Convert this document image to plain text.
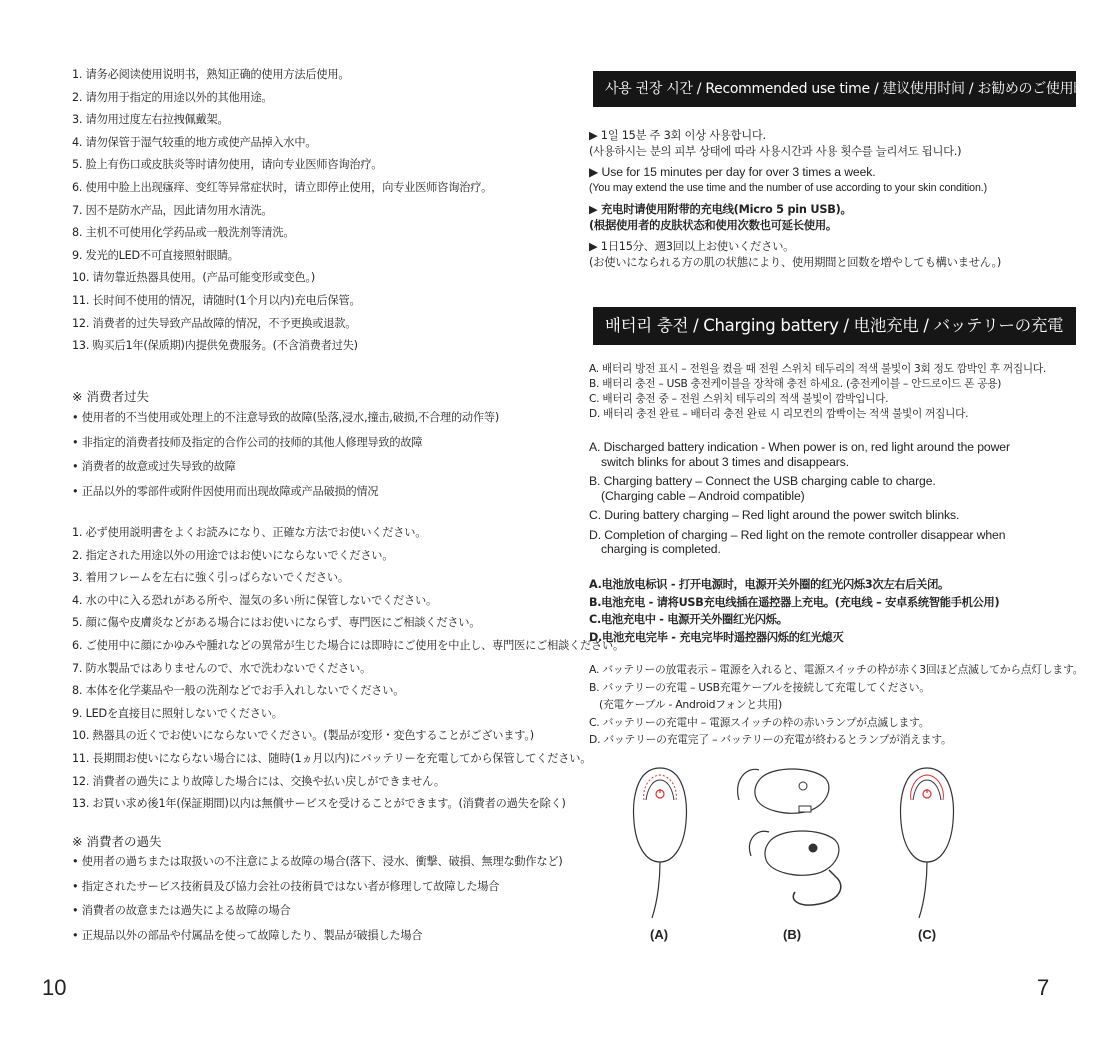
1. 请务必阅读使用说明书，熟知正确的使用方法后使用。
2. 请勿用于指定的用途以外的其他用途。
3. 请勿用过度左右拉拽佩戴架。
4. 请勿保管于湿气较重的地方或使产品掉入水中。
5. 脸上有伤口或皮肤炎等时请勿使用，请向专业医师咨询治疗。
6. 使用中脸上出现瘙痒、变红等异常症状时，请立即停止使用，向专业医师咨询治疗。
7. 因不是防水产品，因此请勿用水清洗。
8. 主机不可使用化学药品或一般洗剂等清洗。
9. 发光的LED不可直接照射眼睛。
10. 请勿靠近热器具使用。(产品可能变形或变色。)
11. 长时间不使用的情况，请随时(1个月以内)充电后保管。
12. 消费者的过失导致产品故障的情况，不予更换或退款。
13. 购买后1年(保质期)内提供免费服务。(不含消费者过失)
※ 消费者过失
• 使用者的不当使用或处理上的不注意导致的故障(坠落,浸水,撞击,破损,不合理的动作等)
• 非指定的消费者技师及指定的合作公司的技师的其他人修理导致的故障
• 消费者的故意或过失导致的故障
• 正品以外的零部件或附件因使用而出现故障或产品破损的情况
1. 必ず使用説明書をよくお読みになり、正確な方法でお使いください。
2. 指定された用途以外の用途ではお使いにならないでください。
3. 着用フレームを左右に強く引っぱらないでください。
4. 水の中に入る恐れがある所や、湿気の多い所に保管しないでください。
5. 顔に傷や皮膚炎などがある場合にはお使いにならず、専門医にご相談ください。
6. ご使用中に顔にかゆみや腫れなどの異常が生じた場合には即時にご使用を中止し、専門医にご相談ください。
7. 防水製品ではありませんので、水で洗わないでください。
8. 本体を化学薬品や一般の洗剤などでお手入れしないでください。
9. LEDを直接目に照射しないでください。
10. 熱器具の近くでお使いにならないでください。(製品が変形・変色することがございます。)
11. 長期間お使いにならない場合には、随時(1ヵ月以内)にバッテリーを充電してから保管してください。
12. 消費者の過失により故障した場合には、交換や払い戻しができません。
13. お買い求め後1年(保証期間)以内は無償サービスを受けることができます。(消費者の過失を除く)
※ 消費者の過失
• 使用者の過ちまたは取扱いの不注意による故障の場合(落下、浸水、衝撃、破損、無理な動作など)
• 指定されたサービス技術員及び協力会社の技術員ではない者が修理して故障した場合
• 消費者の故意または過失による故障の場合
• 正規品以外の部品や付属品を使って故障したり、製品が破損した場合
10
사용 권장 시간 / Recommended use time / 建议使用时间 / お勧めのご使用時間
▶ 1일 15분 주 3회 이상 사용합니다.
(사용하시는 분의 피부 상태에 따라 사용시간과 사용 횟수를 늘리셔도 됩니다.)
▶ Use for 15 minutes per day for over 3 times a week.
(You may extend the use time and the number of use according to your skin condition.)
▶ 充电时请使用附带的充电线(Micro 5 pin USB)。
(根据使用者的皮肤状态和使用次数也可延长使用。
▶ 1日15分、週3回以上お使いください。
(お使いになられる方の肌の状態により、使用期間と回数を増やしても構いません。)
배터리 충전 / Charging battery / 电池充电 / バッテリーの充電
A. 배터리 방전 표시 – 전원을 켰을 때 전원 스위치 테두리의 적색 불빛이 3회 정도 깜박인 후 꺼집니다.
B. 배터리 충전 – USB 충전케이블을 장착해 충전 하세요. (충전케이블 – 안드로이드 폰 공용)
C. 배터리 충전 중 – 전원 스위치 테두리의 적색 불빛이 깜박입니다.
D. 배터리 충전 완료 – 배터리 충전 완료 시 리모컨의 깜빡이는 적색 불빛이 꺼집니다.
A. Discharged battery indication - When power is on, red light around the power
switch blinks for about 3 times and disappears.
B. Charging battery – Connect the USB charging cable to charge.
(Charging cable – Android compatible)
C. During battery charging – Red light around the power switch blinks.
D. Completion of charging – Red light on the remote controller disappear when
charging is completed.
A.电池放电标识 - 打开电源时，电源开关外圈的红光闪烁3次左右后关闭。
B.电池充电 - 请将USB充电线插在遥控器上充电。(充电线 – 安卓系统智能手机公用)
C.电池充电中 - 电源开关外圈红光闪烁。
D.电池充电完毕 - 充电完毕时遥控器闪烁的红光熄灭
A. バッテリーの放電表示 – 電源を入れると、電源スイッチの枠が赤く3回ほど点滅してから点灯します。
B. バッテリーの充電 – USB充電ケーブルを接続して充電してください。
(充電ケーブル - Androidフォンと共用)
C. バッテリーの充電中 – 電源スイッチの枠の赤いランプが点滅します。
D. バッテリーの充電完了 – バッテリーの充電が終わるとランプが消えます。
(A)	(B)	(C)
7
